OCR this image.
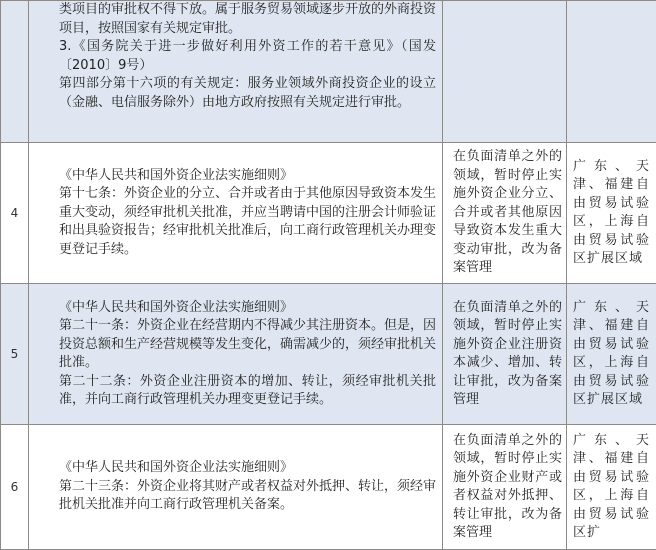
	类项目的审批权不得下放。属于服务贸易领域逐步开放的外商投资项目，按照国家有关规定审批。

3.《国务院关于进一步做好利用外资工作的若干意见》（国发〔2010〕9号）

第四部分第十六项的有关规定：服务业领域外商投资企业的设立（金融、电信服务除外）由地方政府按照有关规定进行审批。		

4	《中华人民共和国外资企业法实施细则》

第十七条：外资企业的分立、合并或者由于其他原因导致资本发生重大变动，须经审批机关批准，并应当聘请中国的注册会计师验证和出具验资报告；经审批机关批准后，向工商行政管理机关办理变更登记手续。	在负面清单之外的领域，暂时停止实施外资企业分立、合并或者其他原因导致资本发生重大变动审批，改为备案管理	广东、天津、福建自由贸易试验区，上海自由贸易试验区扩展区域
5	《中华人民共和国外资企业法实施细则》

第二十一条：外资企业在经营期内不得减少其注册资本。但是，因投资总额和生产经营规模等发生变化，确需减少的，须经审批机关批准。

第二十二条：外资企业注册资本的增加、转让，须经审批机关批准，并向工商行政管理机关办理变更登记手续。	在负面清单之外的领域，暂时停止实施外资企业注册资本减少、增加、转让审批，改为备案管理	广东、天津、福建自由贸易试验区，上海自由贸易试验区扩展区域
6	《中华人民共和国外资企业法实施细则》

第二十三条：外资企业将其财产或者权益对外抵押、转让，须经审批机关批准并向工商行政管理机关备案。	在负面清单之外的领域，暂时停止实施外资企业财产或者权益对外抵押、转让审批，改为备案管理	广东、天津、福建自由贸易试验区，上海自由贸易试验区扩
